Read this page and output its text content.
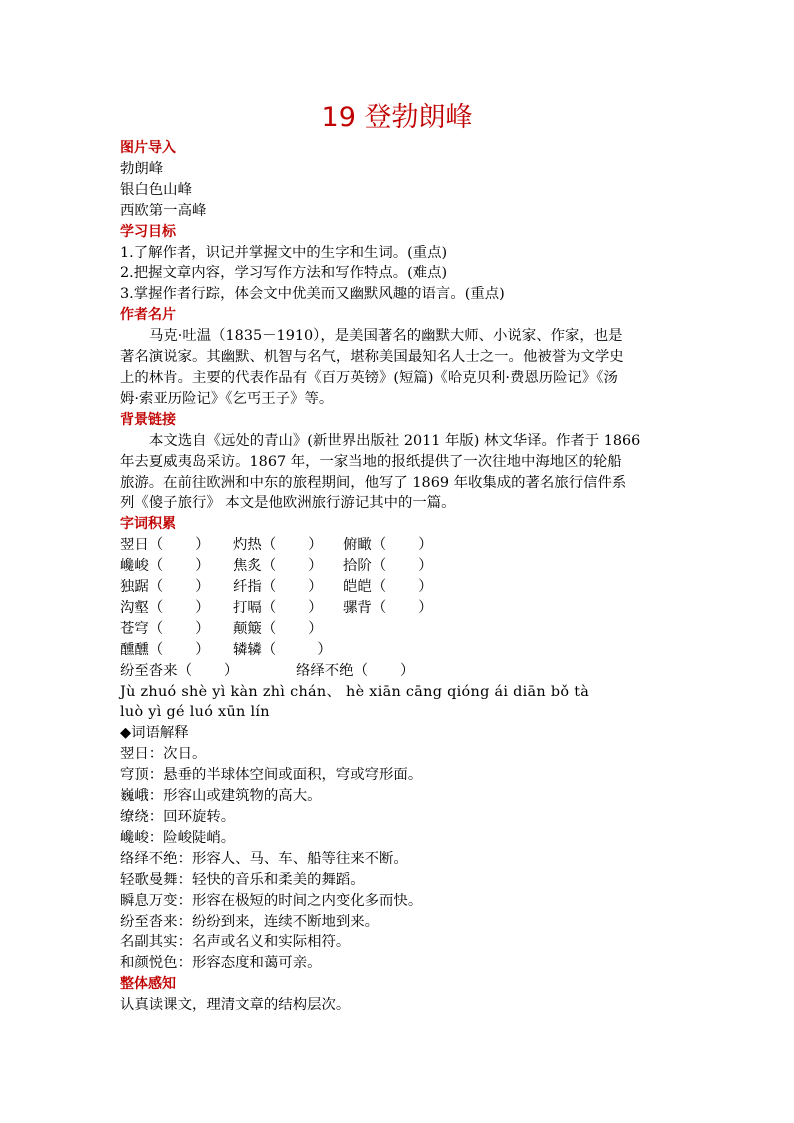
19 登勃朗峰

图片导入

勃朗峰

银白色山峰

西欧第一高峰

学习目标

1.了解作者，识记并掌握文中的生字和生词。(重点)

2.把握文章内容，学习写作方法和写作特点。(难点)

3.掌握作者行踪，体会文中优美而又幽默风趣的语言。(重点)

作者名片

马克·吐温（1835－1910），是美国著名的幽默大师、小说家、作家，也是

著名演说家。其幽默、机智与名气，堪称美国最知名人士之一。他被誉为文学史

上的林肯。主要的代表作品有《百万英镑》(短篇)《哈克贝利·费恩历险记》《汤

姆·索亚历险记》《乞丐王子》等。

背景链接

本文选自《远处的青山》(新世界出版社 2011 年版) 林文华译。作者于 1866

年去夏威夷岛采访。1867 年，一家当地的报纸提供了一次往地中海地区的轮船

旅游。在前往欧洲和中东的旅程期间，他写了 1869 年收集成的著名旅行信件系

列《傻子旅行》 本文是他欧洲旅行游记其中的一篇。

字词积累

翌日（       ）	灼热（       ）	俯瞰（       ）
巉峻（       ）	焦炙（       ）	拾阶（       ）
独踞（       ）	纤指（       ）	皑皑（       ）
沟壑（       ）	打嗝（       ）	骡背（       ）
苍穹（       ）	颠簸（       ）
醺醺（       ）	辚辚（         ）
纷至沓来（       ）	络绎不绝（       ）

Jù zhuó shè yì kàn zhì chán、 hè xiān cāng qióng ái diān bǒ tà

luò yì gé luó xūn lín

◆词语解释

翌日：次日。

穹顶：悬垂的半球体空间或面积，穹或穹形面。

巍峨：形容山或建筑物的高大。

缭绕：回环旋转。

巉峻：险峻陡峭。

络绎不绝：形容人、马、车、船等往来不断。

轻歌曼舞：轻快的音乐和柔美的舞蹈。

瞬息万变：形容在极短的时间之内变化多而快。

纷至沓来：纷纷到来，连续不断地到来。

名副其实：名声或名义和实际相符。

和颜悦色：形容态度和蔼可亲。

整体感知

认真读课文，理清文章的结构层次。
